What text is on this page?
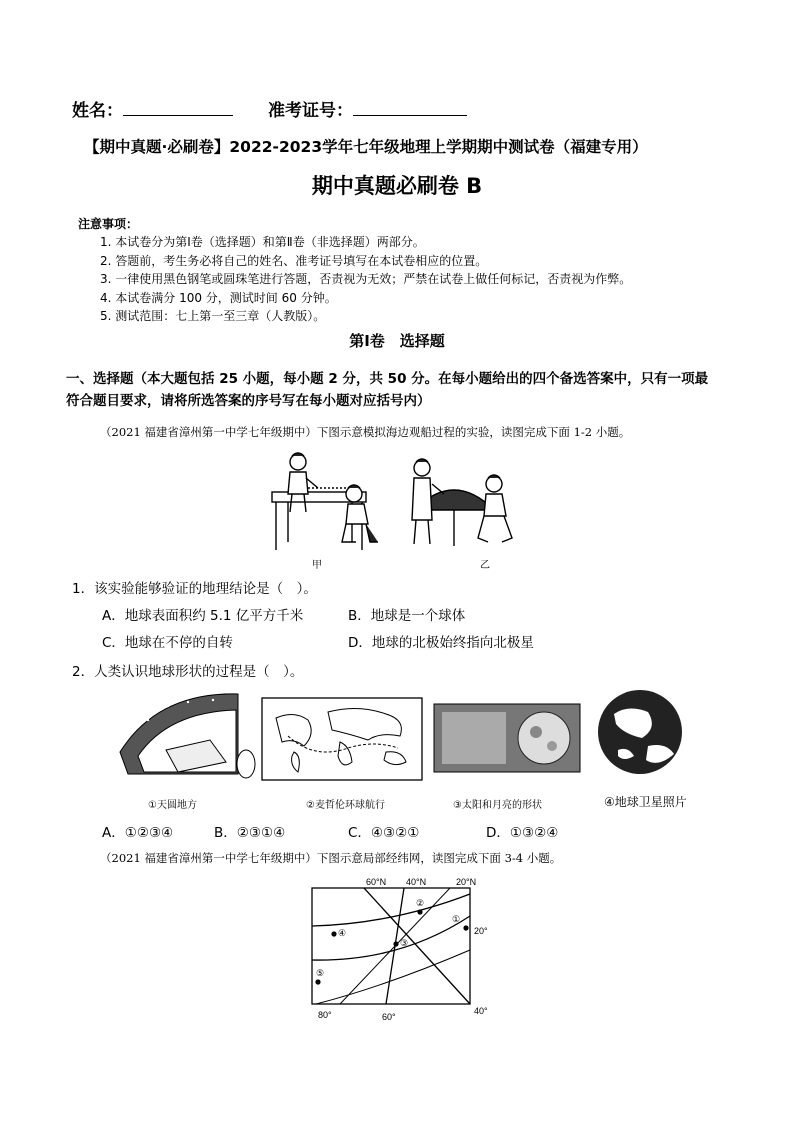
姓名：	准考证号：
【期中真题·必刷卷】2022-2023学年七年级地理上学期期中测试卷（福建专用）
期中真题必刷卷 B
注意事项：
1. 本试卷分为第Ⅰ卷（选择题）和第Ⅱ卷（非选择题）两部分。
2. 答题前，考生务必将自己的姓名、准考证号填写在本试卷相应的位置。
3. 一律使用黑色钢笔或圆珠笔进行答题，否责视为无效；严禁在试卷上做任何标记，否责视为作弊。
4. 本试卷满分 100 分，测试时间 60 分钟。
5. 测试范围：七上第一至三章（人教版）。
第Ⅰ卷　选择题
一、选择题（本大题包括 25 小题，每小题 2 分，共 50 分。在每小题给出的四个备选答案中，只有一项最
符合题目要求，请将所选答案的序号写在每小题对应括号内）
（2021 福建省漳州第一中学七年级期中）下图示意模拟海边观船过程的实验，读图完成下面 1-2 小题。
甲	乙
1．该实验能够验证的地理结论是（　）。
A．地球表面积约 5.1 亿平方千米	B．地球是一个球体
C．地球在不停的自转	D．地球的北极始终指向北极星
2．人类认识地球形状的过程是（　）。
①天圆地方	②麦哲伦环球航行	③太阳和月亮的形状	④地球卫星照片
A．①②③④	B．②③①④	C．④③②①	D．①③②④
（2021 福建省漳州第一中学七年级期中）下图示意局部经纬网，读图完成下面 3-4 小题。
60°N 40°N	20°N
20°
40°
80°	60°
①
②
③
④
⑤
